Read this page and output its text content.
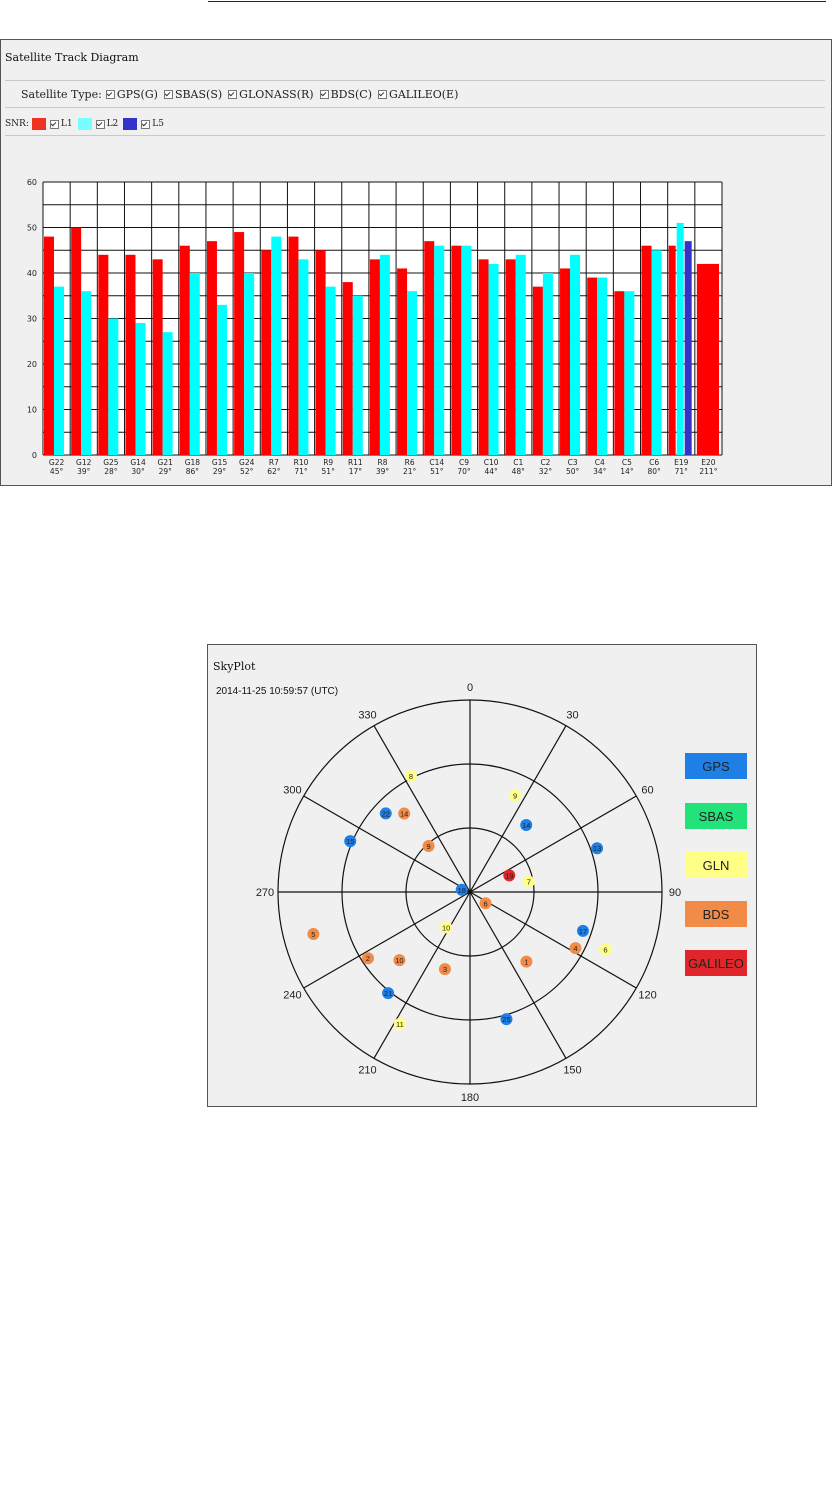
Satellite Track Diagram
Satellite Type: GPS(G) SBAS(S) GLONASS(R) BDS(C) GALILEO(E)
SNR:	L1	L2	L5
0
10
20
30
40
50
60
G22
45°
G12
39°
G25
28°
G14
30°
G21
29°
G18
86°
G15
29°
G24
52°
R7
62°
R10
71°
R9
51°
R11
17°
R8
39°
R6
21°
C14
51°
C9
70°
C10
44°
C1
48°
C2
32°
C3
50°
C4
34°
C5
14°
C6
80°
E19
71°
E20
211°
SkyPlot
2014-11-25 10:59:57 (UTC)	0
30
60
90
120
150
180
210
240
270
300
330
8
22 14
15
9
9
14
13
19
7
18
6
10
5
2	10
3
1
17
4	6
21
11
25
GPS
SBAS
GLN
BDS
GALILEO
